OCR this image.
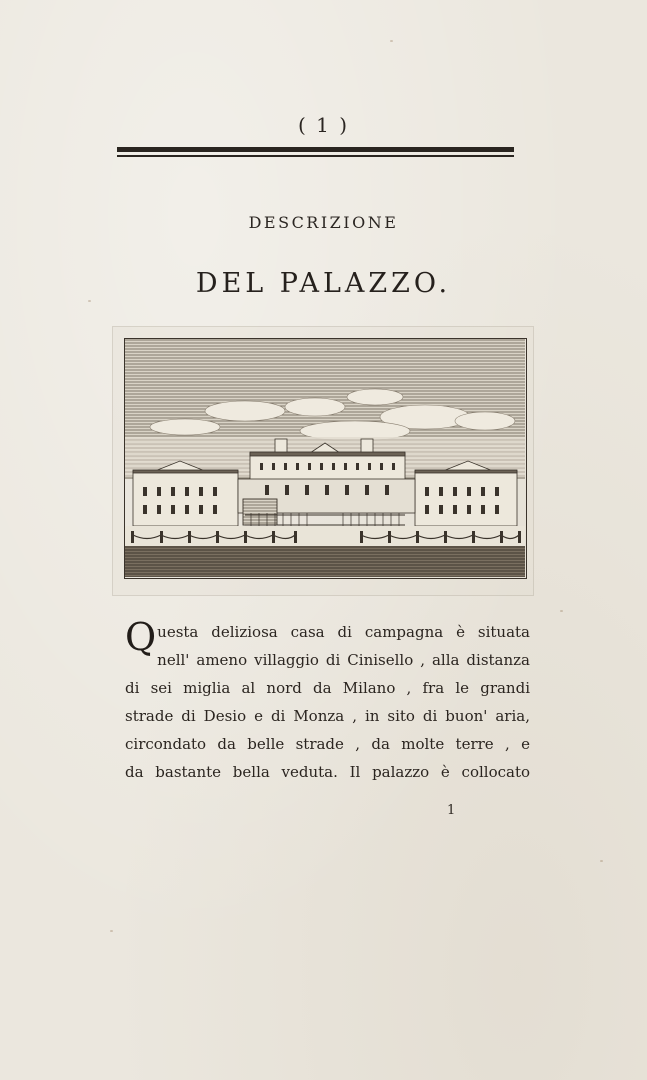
( 1 )
DESCRIZIONE
DEL PALAZZO.
Q uesta deliziosa casa di campagna è situata
nell' ameno villaggio di Cinisello , alla distanza
di sei miglia al nord da Milano , fra le grandi
strade di Desio e di Monza , in sito di buon' aria,
circondato da belle strade , da molte terre , e
da bastante bella veduta. Il palazzo è collocato
1
